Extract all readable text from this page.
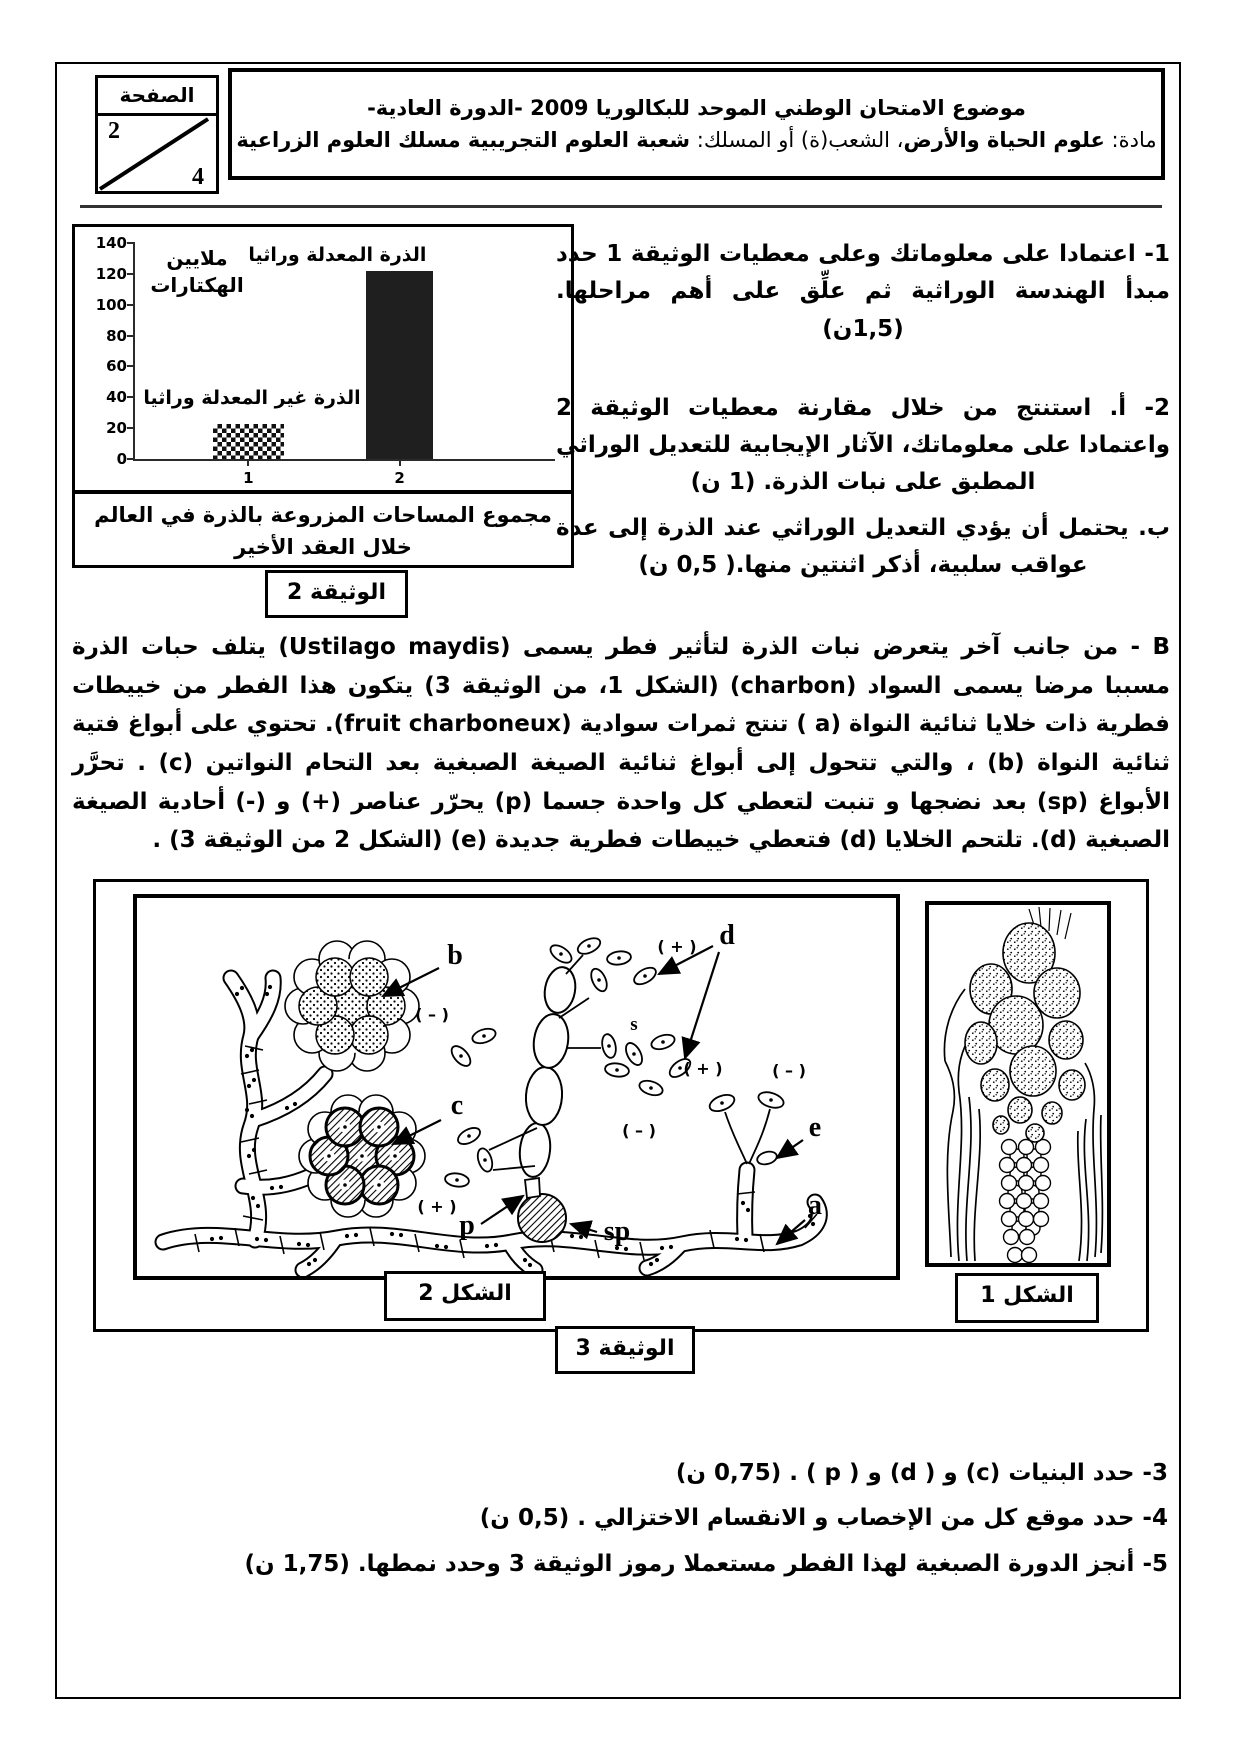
الصفحة
2
4
موضوع الامتحان الوطني الموحد للبكالوريا 2009 -الدورة العادية-
مادة: علوم الحياة والأرض، الشعب(ة) أو المسلك: شعبة العلوم التجريبية مسلك العلوم الزراعية
ملايين الهكتارات
0
20
40
60
80
100
120
140
1
الذرة غير المعدلة وراثيا
2
الذرة المعدلة وراثيا
مجموع المساحات المزروعة بالذرة في العالم خلال العقد الأخير
الوثيقة 2

1- اعتمادا على معلوماتك وعلى معطيات الوثيقة 1 حدد مبدأ الهندسة الوراثية ثم علِّق على أهم مراحلها. (1,5ن)

2- أ. استنتج من خلال مقارنة معطيات الوثيقة 2 واعتمادا على معلوماتك، الآثار الإيجابية للتعديل الوراثي المطبق على نبات الذرة. (1 ن)

ب. يحتمل أن يؤدي التعديل الوراثي عند الذرة إلى عدة عواقب سلبية، أذكر اثنتين منها.( 0,5 ن)

B - من جانب آخر يتعرض نبات الذرة لتأثير فطر يسمى (Ustilago maydis) يتلف حبات الذرة مسببا مرضا يسمى السواد (charbon) (الشكل 1، من الوثيقة 3) يتكون هذا الفطر من خييطات فطرية ذات خلايا ثنائية النواة (a ) تنتج ثمرات سوادية (fruit charboneux). تحتوي على أبواغ فتية ثنائية النواة (b) ، والتي تتحول إلى أبواغ ثنائية الصيغة الصبغية بعد التحام النواتين (c) . تحرَّر الأبواغ (sp) بعد نضجها و تنبت لتعطي كل واحدة جسما (p) يحرّر عناصر (+) و (-) أحادية الصيغة الصبغية (d). تلتحم الخلايا (d) فتعطي خييطات فطرية جديدة (e) (الشكل 2 من الوثيقة 3) .
b
c
d
p	sp
e
a
s
( + )
( – )
( + )
( – )
( + )	( – )
الشكل 2	الشكل 1
الوثيقة 3

3- حدد البنيات (c) و ( d) و ( p ) . (0,75 ن)

4- حدد موقع كل من الإخصاب و الانقسام الاختزالي . (0,5 ن)

5- أنجز الدورة الصبغية لهذا الفطر مستعملا رموز الوثيقة 3 وحدد نمطها. (1,75 ن)
